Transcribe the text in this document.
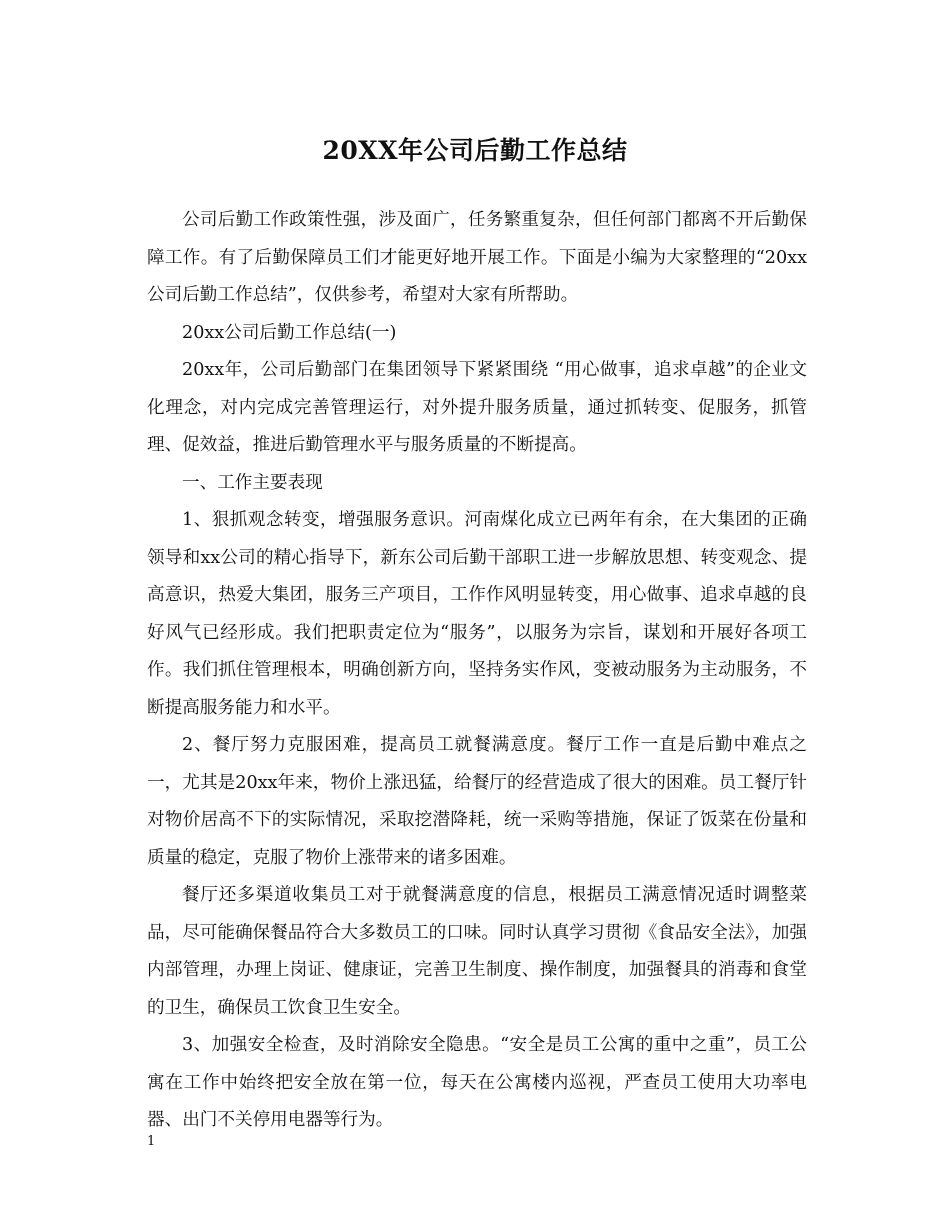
20XX年公司后勤工作总结

公司后勤工作政策性强，涉及面广，任务繁重复杂，但任何部门都离不开后勤保障工作。有了后勤保障员工们才能更好地开展工作。下面是小编为大家整理的“20xx公司后勤工作总结”，仅供参考，希望对大家有所帮助。

20xx公司后勤工作总结(一)

20xx年，公司后勤部门在集团领导下紧紧围绕 “用心做事，追求卓越”的企业文化理念，对内完成完善管理运行，对外提升服务质量，通过抓转变、促服务，抓管理、促效益，推进后勤管理水平与服务质量的不断提高。

一、工作主要表现

1、狠抓观念转变，增强服务意识。河南煤化成立已两年有余，在大集团的正确领导和xx公司的精心指导下，新东公司后勤干部职工进一步解放思想、转变观念、提高意识，热爱大集团，服务三产项目，工作作风明显转变，用心做事、追求卓越的良好风气已经形成。我们把职责定位为“服务”，以服务为宗旨，谋划和开展好各项工作。我们抓住管理根本，明确创新方向，坚持务实作风，变被动服务为主动服务，不断提高服务能力和水平。

2、餐厅努力克服困难，提高员工就餐满意度。餐厅工作一直是后勤中难点之一，尤其是20xx年来，物价上涨迅猛，给餐厅的经营造成了很大的困难。员工餐厅针对物价居高不下的实际情况，采取挖潜降耗，统一采购等措施，保证了饭菜在份量和质量的稳定，克服了物价上涨带来的诸多困难。

餐厅还多渠道收集员工对于就餐满意度的信息，根据员工满意情况适时调整菜品，尽可能确保餐品符合大多数员工的口味。同时认真学习贯彻《食品安全法》，加强内部管理，办理上岗证、健康证，完善卫生制度、操作制度，加强餐具的消毒和食堂的卫生，确保员工饮食卫生安全。

3、加强安全检查，及时消除安全隐患。“安全是员工公寓的重中之重”，员工公寓在工作中始终把安全放在第一位，每天在公寓楼内巡视，严查员工使用大功率电器、出门不关停用电器等行为。

1
